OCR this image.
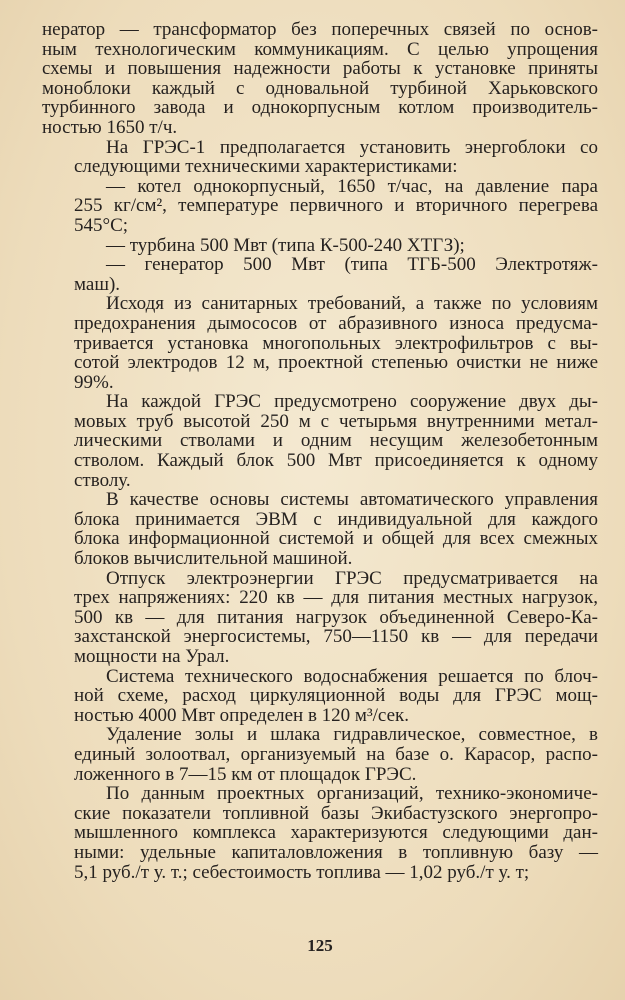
нератор — трансформатор без поперечных связей по основ-
ным технологическим коммуникациям. С целью упрощения
схемы и повышения надежности работы к установке приняты
моноблоки каждый с одновальной турбиной Харьковского
турбинного завода и однокорпусным котлом производитель-
ностью 1650 т/ч.

На ГРЭС-1 предполагается установить энергоблоки со
следующими техническими характеристиками:

— котел однокорпусный, 1650 т/час, на давление пара
255 кг/см², температуре первичного и вторичного перегрева
545°С;

— турбина 500 Мвт (типа К-500-240 ХТГЗ);

— генератор 500 Мвт (типа ТГБ-500 Электротяж-
маш).

Исходя из санитарных требований, а также по условиям
предохранения дымососов от абразивного износа предусма-
тривается установка многопольных электрофильтров с вы-
сотой электродов 12 м, проектной степенью очистки не ниже
99%.

На каждой ГРЭС предусмотрено сооружение двух ды-
мовых труб высотой 250 м с четырьмя внутренними метал-
лическими стволами и одним несущим железобетонным
стволом. Каждый блок 500 Мвт присоединяется к одному
стволу.

В качестве основы системы автоматического управления
блока принимается ЭВМ с индивидуальной для каждого
блока информационной системой и общей для всех смежных
блоков вычислительной машиной.

Отпуск электроэнергии ГРЭС предусматривается на
трех напряжениях: 220 кв — для питания местных нагрузок,
500 кв — для питания нагрузок объединенной Северо-Ка-
захстанской энергосистемы, 750—1150 кв — для передачи
мощности на Урал.

Система технического водоснабжения решается по блоч-
ной схеме, расход циркуляционной воды для ГРЭС мощ-
ностью 4000 Мвт определен в 120 м³/сек.

Удаление золы и шлака гидравлическое, совместное, в
единый золоотвал, организуемый на базе о. Карасор, распо-
ложенного в 7—15 км от площадок ГРЭС.

По данным проектных организаций, технико-экономиче-
ские показатели топливной базы Экибастузского энергопро-
мышленного комплекса характеризуются следующими дан-
ными: удельные капиталовложения в топливную базу —
5,1 руб./т у. т.; себестоимость топлива — 1,02 руб./т у. т;

125
